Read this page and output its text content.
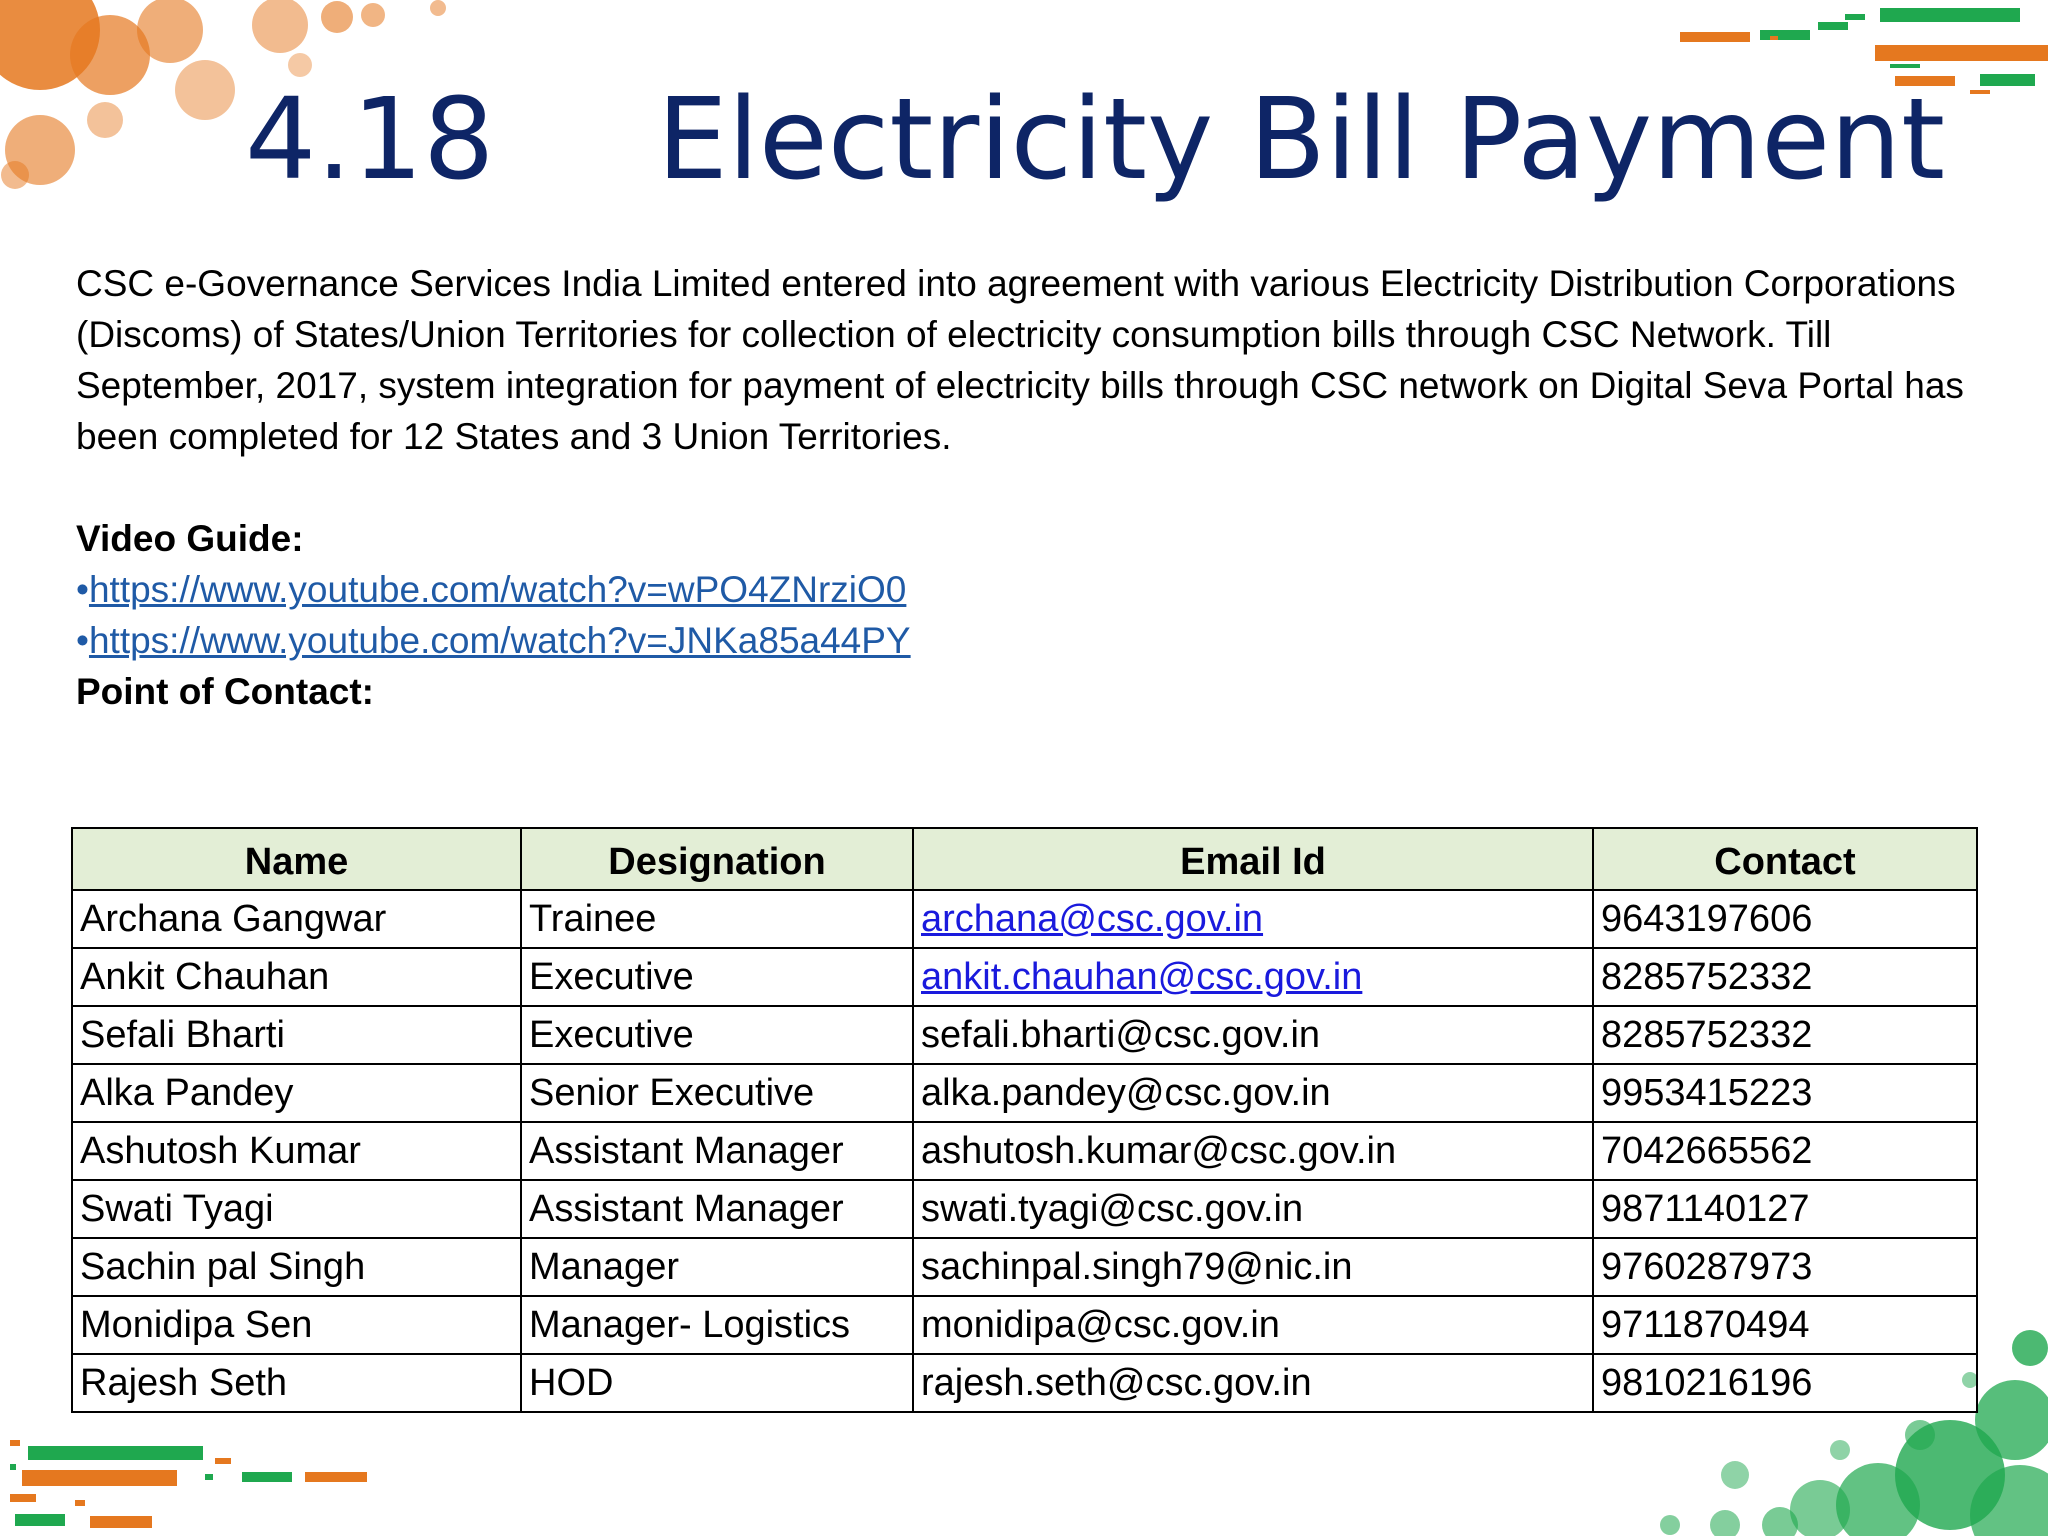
4.18 Electricity Bill Payment

CSC e-Governance Services India Limited entered into agreement with various Electricity Distribution Corporations (Discoms) of States/Union Territories for collection of electricity consumption bills through CSC Network. Till September, 2017, system integration for payment of electricity bills through CSC network on Digital Seva Portal has been completed for 12 States and 3 Union Territories.

Video Guide:

•https://www.youtube.com/watch?v=wPO4ZNrziO0

•https://www.youtube.com/watch?v=JNKa85a44PY

Point of Contact:

Name	Designation	Email Id	Contact
Archana Gangwar	Trainee	archana@csc.gov.in	9643197606
Ankit Chauhan	Executive	ankit.chauhan@csc.gov.in	8285752332
Sefali Bharti	Executive	sefali.bharti@csc.gov.in	8285752332
Alka Pandey	Senior Executive	alka.pandey@csc.gov.in	9953415223
Ashutosh Kumar	Assistant Manager	ashutosh.kumar@csc.gov.in	7042665562
Swati Tyagi	Assistant Manager	swati.tyagi@csc.gov.in	9871140127
Sachin pal Singh	Manager	sachinpal.singh79@nic.in	9760287973
Monidipa Sen	Manager- Logistics	monidipa@csc.gov.in	9711870494
Rajesh Seth	HOD	rajesh.seth@csc.gov.in	9810216196
